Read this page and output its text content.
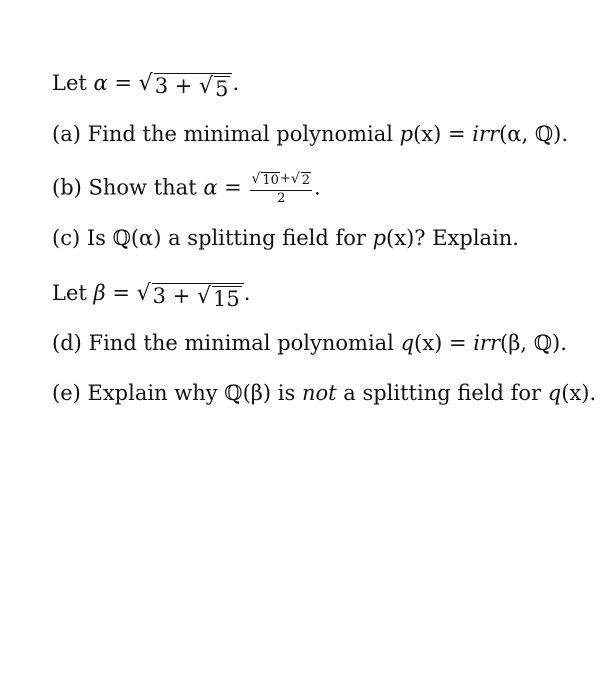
Let α = √ 3 + √ 5 .
(a) Find the minimal polynomial p(x) = irr(α, ℚ).
(b) Show that $\alpha = \frac{√ 10 + √ 2}{2}$ .
(c) Is ℚ(α) a splitting field for p(x)? Explain.
Let β = √ 3 + √ 15 .
(d) Find the minimal polynomial q(x) = irr(β, ℚ).
(e) Explain why ℚ(β) is not a splitting field for q(x).
